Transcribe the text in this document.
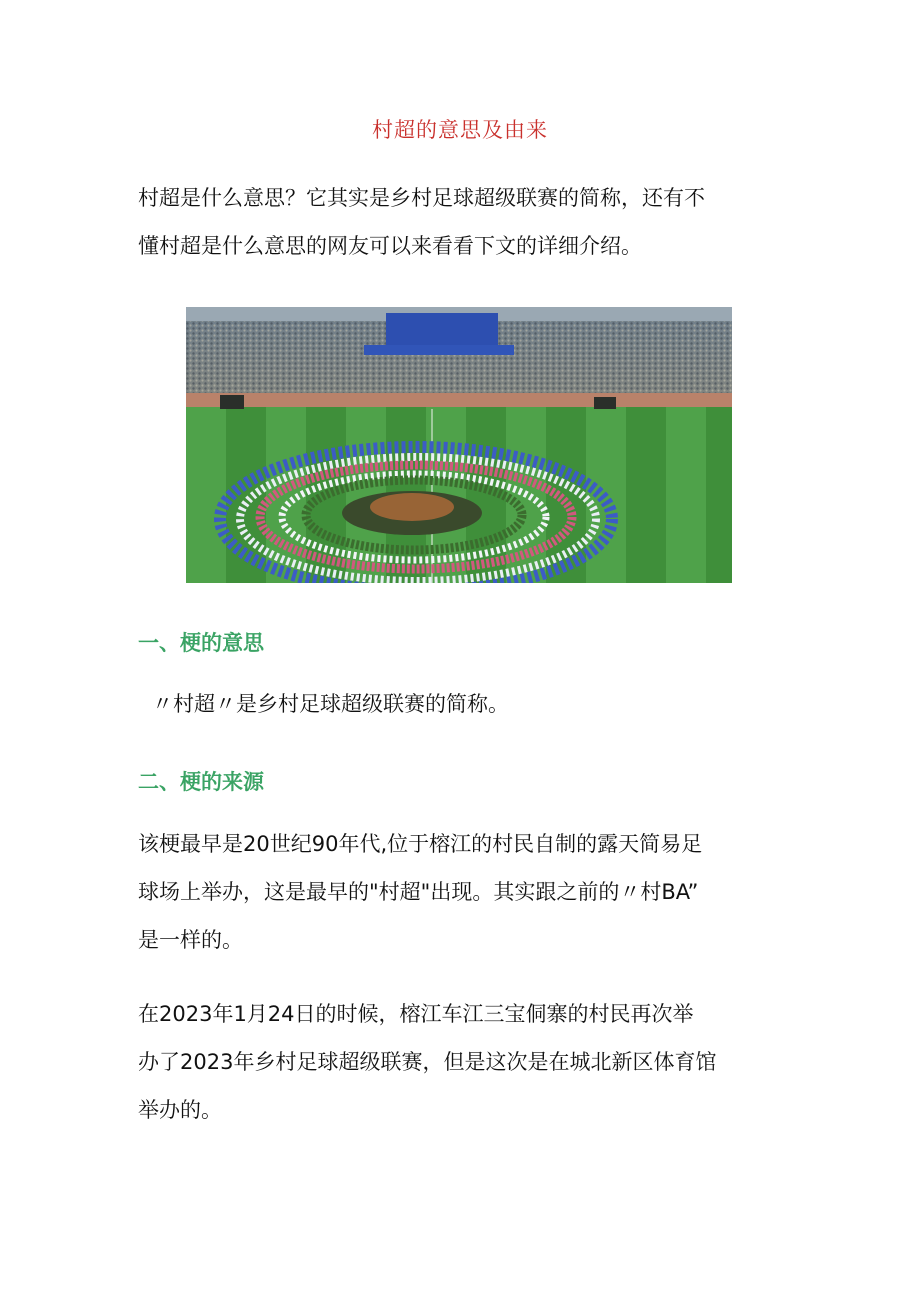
村超的意思及由来

村超是什么意思？它其实是乡村足球超级联赛的简称，还有不
懂村超是什么意思的网友可以来看看下文的详细介绍。

一、梗的意思

〃村超〃是乡村足球超级联赛的简称。

二、梗的来源

该梗最早是20世纪90年代,位于榕江的村民自制的露天简易足
球场上举办，这是最早的"村超"出现。其实跟之前的〃村BA”
是一样的。

在2023年1月24日的时候，榕江车江三宝侗寨的村民再次举
办了2023年乡村足球超级联赛，但是这次是在城北新区体育馆
举办的。
